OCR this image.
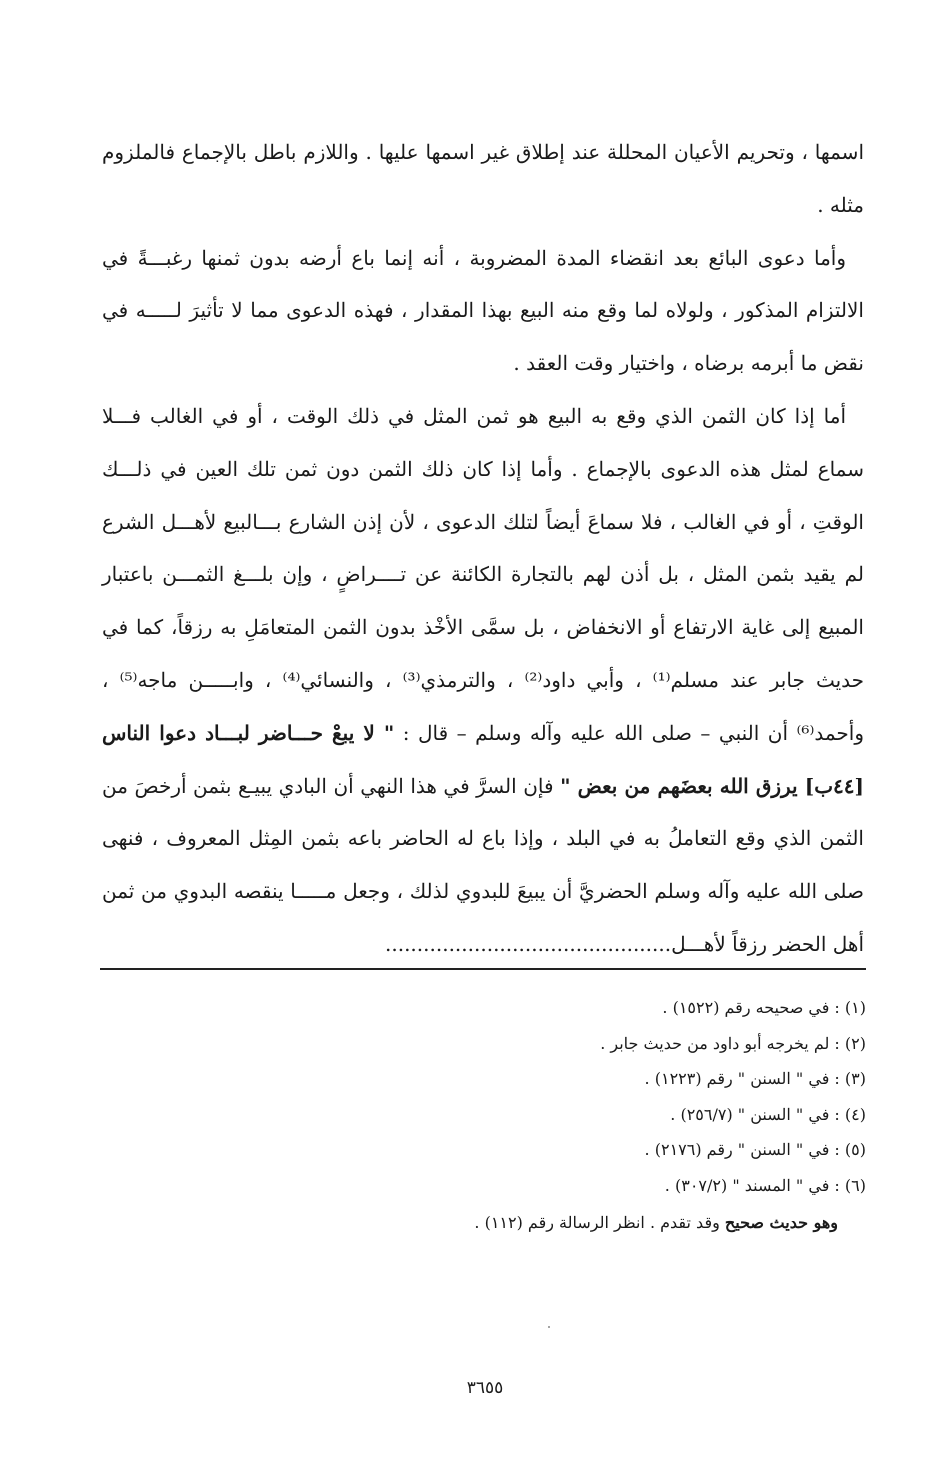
اسمها ، وتحريم الأعيان المحللة عند إطلاق غير اسمها عليها . واللازم باطل بالإجماع فالملزوم مثله .

وأما دعوى البائع بعد انقضاء المدة المضروبة ، أنه إنما باع أرضه بدون ثمنها رغبـــةً في الالتزام المذكور ، ولولاه لما وقع منه البيع بهذا المقدار ، فهذه الدعوى مما لا تأثيرَ لـــــه في نقض ما أبرمه برضاه ، واختيار وقت العقد .

أما إذا كان الثمن الذي وقع به البيع هو ثمن المثل في ذلك الوقت ، أو في الغالب فـــلا سماع لمثل هذه الدعوى بالإجماع . وأما إذا كان ذلك الثمن دون ثمن تلك العين في ذلـــك الوقتِ ، أو في الغالب ، فلا سماعَ أيضاً لتلك الدعوى ، لأن إذن الشارع بـــالبيع لأهـــل الشرع لم يقيد بثمن المثل ، بل أذن لهم بالتجارة الكائنة عن تــــراضٍ ، وإن بلـــغ الثمـــن باعتبار المبيع إلى غاية الارتفاع أو الانخفاض ، بل سمَّى الأخْذ بدون الثمن المتعامَلِ به رزقاً، كما في حديث جابر عند مسلم⁽¹⁾ ، وأبي داود⁽²⁾ ، والترمذي⁽³⁾ ، والنسائي⁽⁴⁾ ، وابـــــن ماجه⁽⁵⁾ ، وأحمد⁽⁶⁾ أن النبي – صلى الله عليه وآله وسلم – قال : " لا يبعْ حـــاضر لبـــاد دعوا الناس [٤٤ب] يرزق الله بعضَهم من بعض " فإن السرَّ في هذا النهي أن البادي يبيـع بثمن أرخصَ من الثمن الذي وقع التعاملُ به في البلد ، وإذا باع له الحاضر باعه بثمن المِثل المعروف ، فنهى صلى الله عليه وآله وسلم الحضريَّ أن يبيعَ للبدوي لذلك ، وجعل مـــــا ينقصه البدوي من ثمن أهل الحضر رزقاً لأهـــل.............................................

(١) : في صحيحه رقم (١٥٢٢) .

(٢) : لم يخرجه أبو داود من حديث جابر .

(٣) : في " السنن " رقم (١٢٢٣) .

(٤) : في " السنن " (٢٥٦/٧) .

(٥) : في " السنن " رقم (٢١٧٦) .

(٦) : في " المسند " (٣٠٧/٢) .

وهو حديث صحيح وقد تقدم . انظر الرسالة رقم (١١٢) .

٣٦٥٥
